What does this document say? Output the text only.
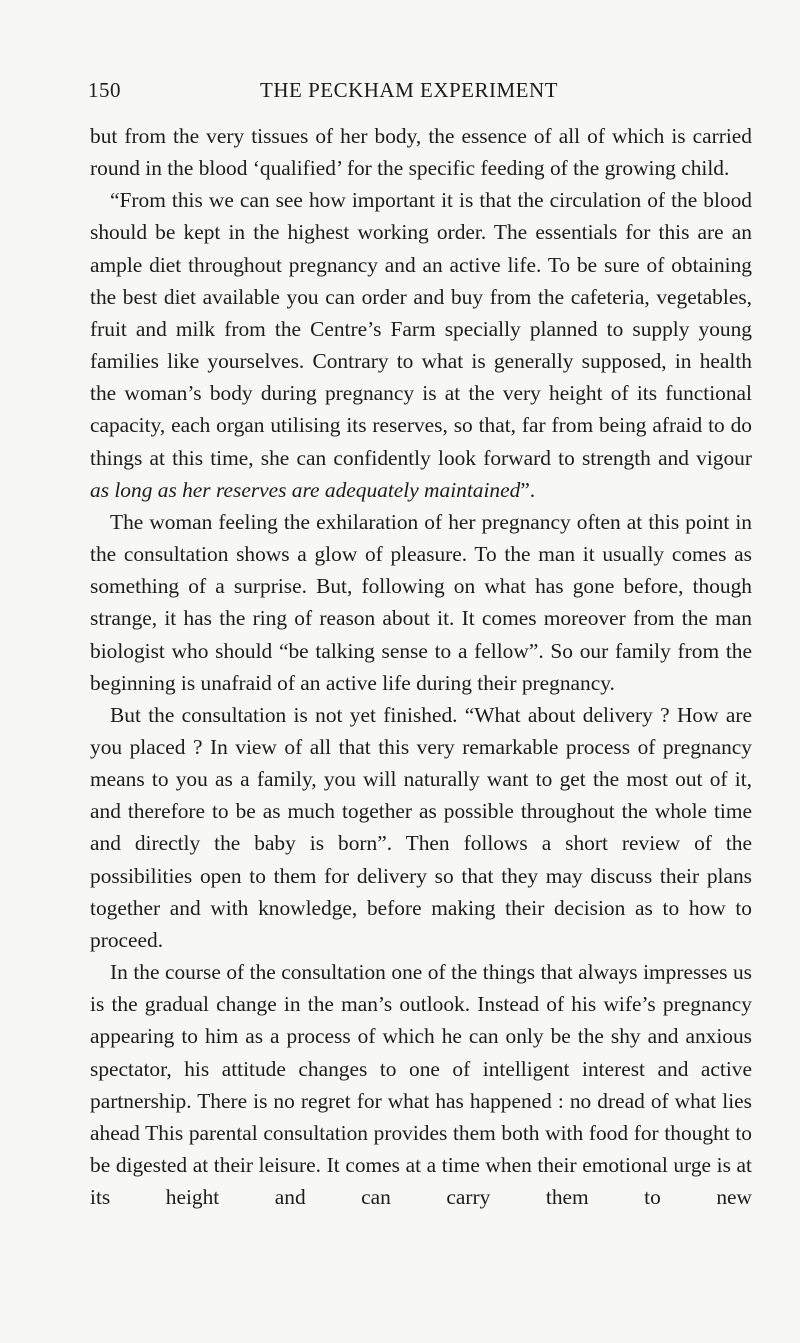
150	THE PECKHAM EXPERIMENT

but from the very tissues of her body, the essence of all of which is carried round in the blood ‘qualified’ for the specific feeding of the growing child.

“From this we can see how important it is that the circulation of the blood should be kept in the highest working order. The essentials for this are an ample diet throughout pregnancy and an active life. To be sure of obtaining the best diet available you can order and buy from the cafeteria, vegetables, fruit and milk from the Centre’s Farm specially planned to supply young families like yourselves. Contrary to what is generally supposed, in health the woman’s body during pregnancy is at the very height of its functional capacity, each organ utilising its reserves, so that, far from being afraid to do things at this time, she can confidently look forward to strength and vigour as long as her reserves are adequately maintained”.

The woman feeling the exhilaration of her pregnancy often at this point in the consultation shows a glow of pleasure. To the man it usually comes as something of a surprise. But, following on what has gone before, though strange, it has the ring of reason about it. It comes moreover from the man biologist who should “be talking sense to a fellow”. So our family from the beginning is unafraid of an active life during their pregnancy.

But the consultation is not yet finished. “What about delivery ? How are you placed ? In view of all that this very remarkable process of pregnancy means to you as a family, you will naturally want to get the most out of it, and therefore to be as much together as possible throughout the whole time and directly the baby is born”. Then follows a short review of the possibilities open to them for delivery so that they may discuss their plans together and with knowledge, before making their decision as to how to proceed.

In the course of the consultation one of the things that always impresses us is the gradual change in the man’s outlook. Instead of his wife’s pregnancy appearing to him as a process of which he can only be the shy and anxious spectator, his attitude changes to one of intelligent interest and active partnership. There is no regret for what has happened : no dread of what lies ahead This parental consultation provides them both with food for thought to be digested at their leisure. It comes at a time when their emotional urge is at its height and can carry them to new
